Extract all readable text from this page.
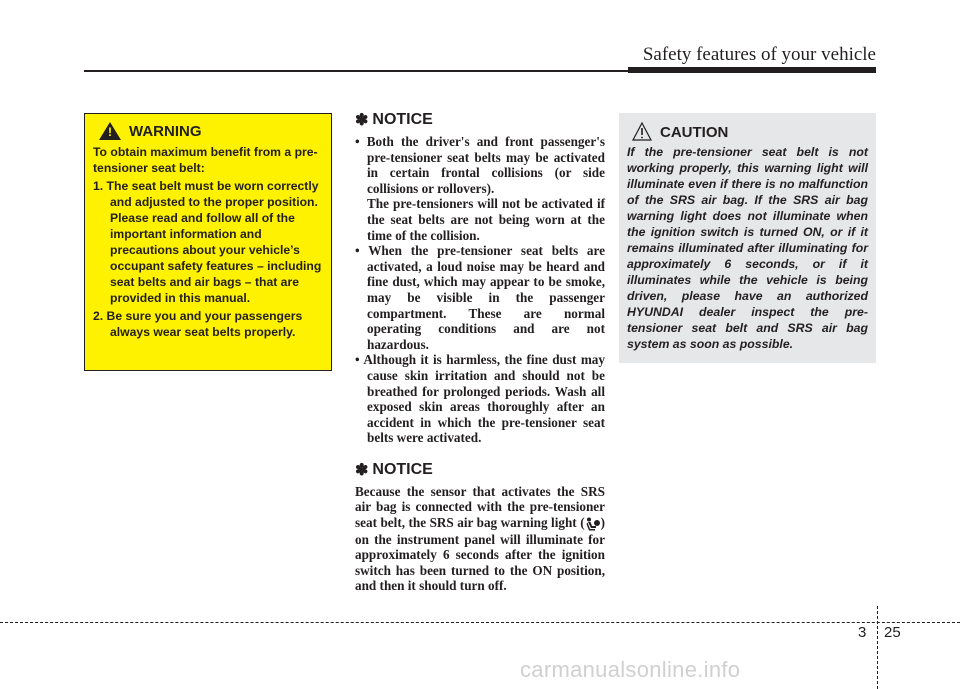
Safety features of your vehicle
! WARNING
To obtain maximum benefit from a pre-tensioner seat belt:
1. The seat belt must be worn correctly and adjusted to the proper position. Please read and follow all of the important information and precautions about your vehicle’s occupant safety features – including seat belts and air bags – that are provided in this manual.
2. Be sure you and your passengers always wear seat belts properly.
✽ NOTICE
• Both the driver's and front passenger's pre-tensioner seat belts may be activated in certain frontal collisions (or side collisions or rollovers).
The pre-tensioners will not be activated if the seat belts are not being worn at the time of the collision.
• When the pre-tensioner seat belts are activated, a loud noise may be heard and fine dust, which may appear to be smoke, may be visible in the passenger compartment. These are normal operating conditions and are not hazardous.
• Although it is harmless, the fine dust may cause skin irritation and should not be breathed for prolonged periods. Wash all exposed skin areas thoroughly after an accident in which the pre-tensioner seat belts were activated.
✽ NOTICE

Because the sensor that activates the SRS air bag is connected with the pre-tensioner seat belt, the SRS air bag warning light ( ) on the instrument panel will illuminate for approximately 6 seconds after the ignition switch has been turned to the ON position, and then it should turn off.

CAUTION

If the pre-tensioner seat belt is not working properly, this warning light will illuminate even if there is no malfunction of the SRS air bag. If the SRS air bag warning light does not illuminate when the ignition switch is turned ON, or if it remains illuminated after illuminating for approximately 6 seconds, or if it illuminates while the vehicle is being driven, please have an authorized HYUNDAI dealer inspect the pre-tensioner seat belt and SRS air bag system as soon as possible.

3 25
carmanualsonline.info
